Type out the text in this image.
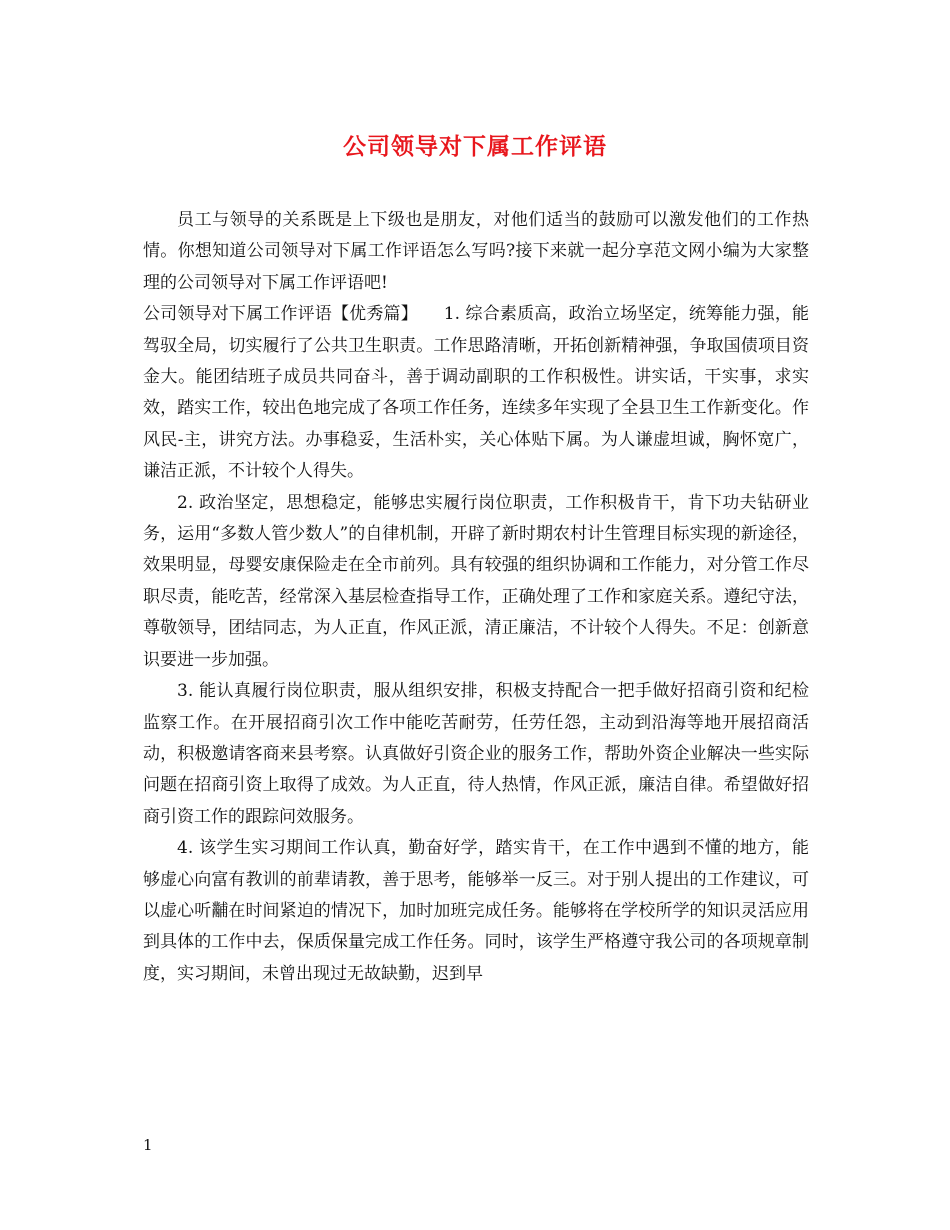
公司领导对下属工作评语

员工与领导的关系既是上下级也是朋友，对他们适当的鼓励可以激发他们的工作热情。你想知道公司领导对下属工作评语怎么写吗?接下来就一起分享范文网小编为大家整理的公司领导对下属工作评语吧!

公司领导对下属工作评语【优秀篇】　　1. 综合素质高，政治立场坚定，统筹能力强，能驾驭全局，切实履行了公共卫生职责。工作思路清晰，开拓创新精神强，争取国债项目资金大。能团结班子成员共同奋斗，善于调动副职的工作积极性。讲实话，干实事，求实效，踏实工作，较出色地完成了各项工作任务，连续多年实现了全县卫生工作新变化。作风民-主，讲究方法。办事稳妥，生活朴实，关心体贴下属。为人谦虚坦诚，胸怀宽广，谦洁正派，不计较个人得失。

2. 政治坚定，思想稳定，能够忠实履行岗位职责，工作积极肯干，肯下功夫钻研业务，运用“多数人管少数人”的自律机制，开辟了新时期农村计生管理目标实现的新途径，效果明显，母婴安康保险走在全市前列。具有较强的组织协调和工作能力，对分管工作尽职尽责，能吃苦，经常深入基层检查指导工作，正确处理了工作和家庭关系。遵纪守法，尊敬领导，团结同志，为人正直，作风正派，清正廉洁，不计较个人得失。不足：创新意识要进一步加强。

3. 能认真履行岗位职责，服从组织安排，积极支持配合一把手做好招商引资和纪检监察工作。在开展招商引次工作中能吃苦耐劳，任劳任怨，主动到沿海等地开展招商活动，积极邀请客商来县考察。认真做好引资企业的服务工作，帮助外资企业解决一些实际问题在招商引资上取得了成效。为人正直，待人热情，作风正派，廉洁自律。希望做好招商引资工作的跟踪问效服务。

4. 该学生实习期间工作认真，勤奋好学，踏实肯干，在工作中遇到不懂的地方，能够虚心向富有教训的前辈请教，善于思考，能够举一反三。对于别人提出的工作建议，可以虚心听黼在时间紧迫的情况下，加时加班完成任务。能够将在学校所学的知识灵活应用到具体的工作中去，保质保量完成工作任务。同时，该学生严格遵守我公司的各项规章制度，实习期间，未曾出现过无故缺勤，迟到早

1
